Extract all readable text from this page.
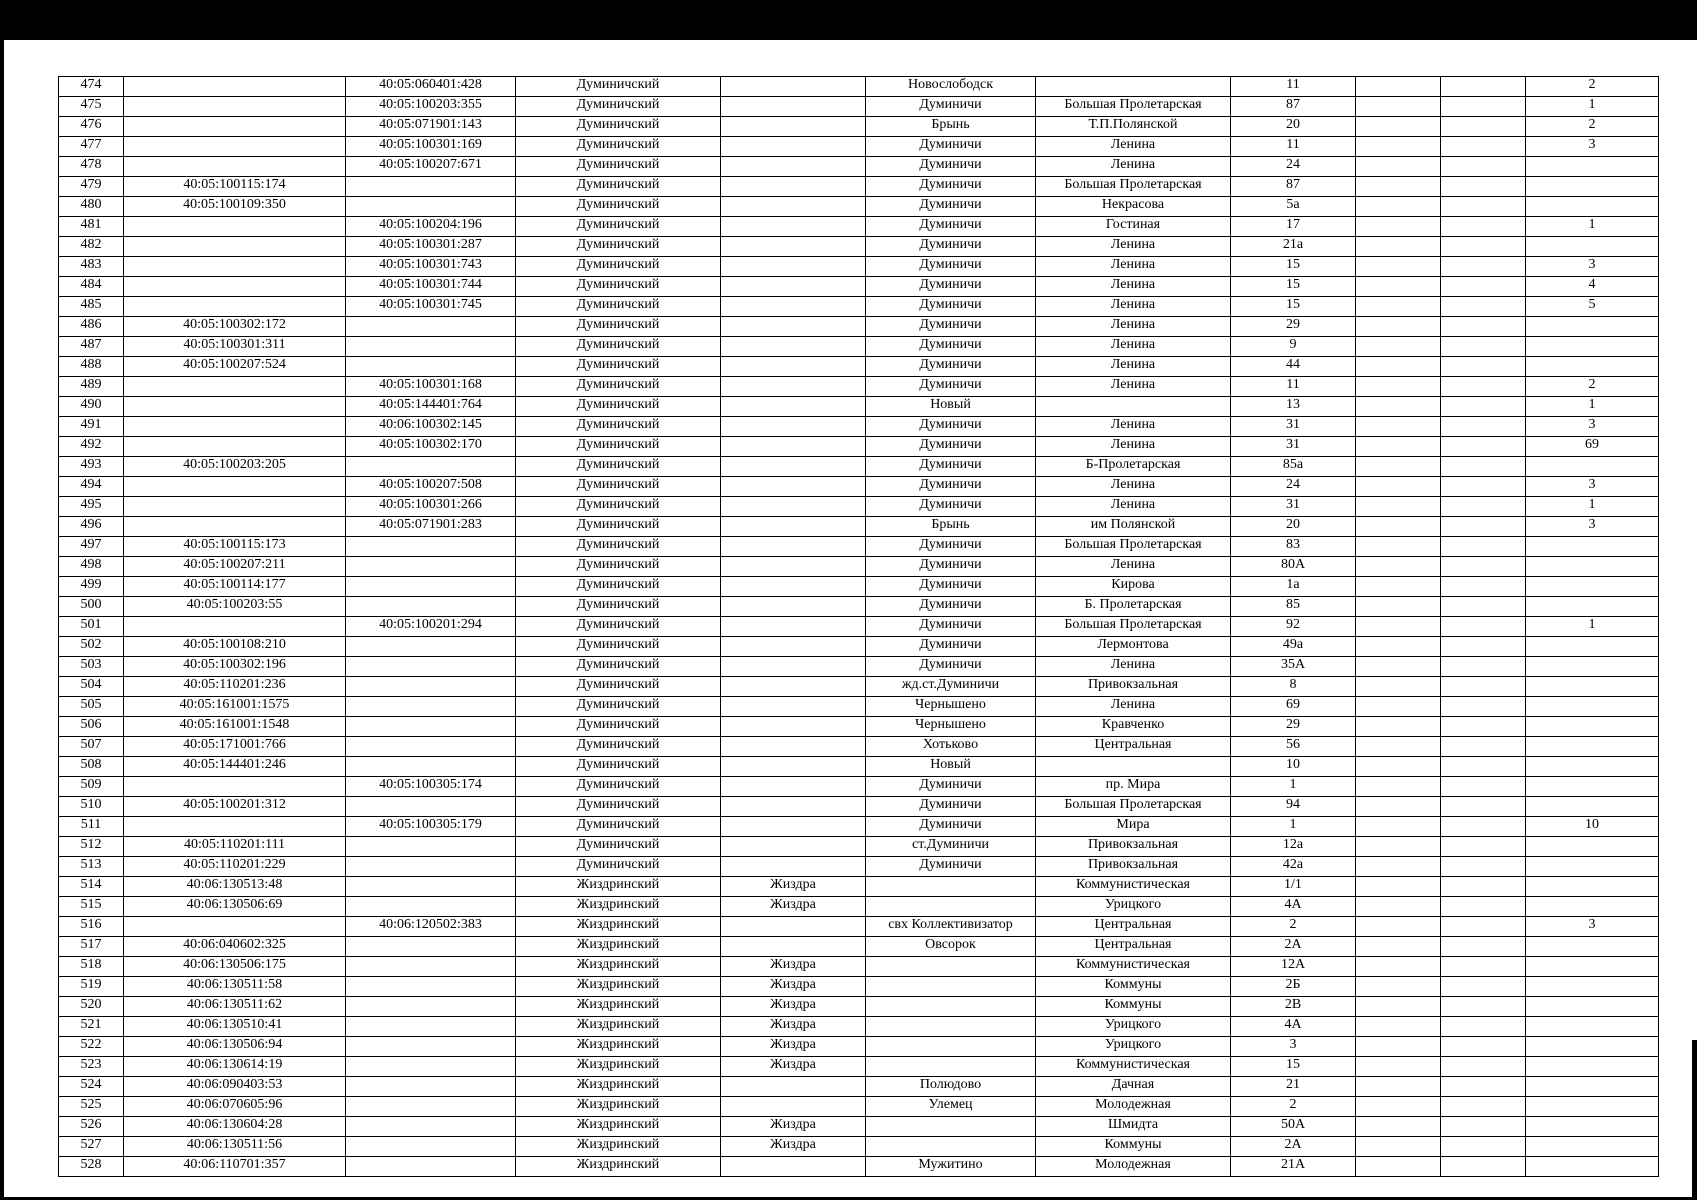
474		40:05:060401:428	Думиничский		Новослободск		11			2
475		40:05:100203:355	Думиничский		Думиничи	Большая Пролетарская	87			1
476		40:05:071901:143	Думиничский		Брынь	Т.П.Полянской	20			2
477		40:05:100301:169	Думиничский		Думиничи	Ленина	11			3
478		40:05:100207:671	Думиничский		Думиничи	Ленина	24			
479	40:05:100115:174		Думиничский		Думиничи	Большая Пролетарская	87			
480	40:05:100109:350		Думиничский		Думиничи	Некрасова	5а			
481		40:05:100204:196	Думиничский		Думиничи	Гостиная	17			1
482		40:05:100301:287	Думиничский		Думиничи	Ленина	21а			
483		40:05:100301:743	Думиничский		Думиничи	Ленина	15			3
484		40:05:100301:744	Думиничский		Думиничи	Ленина	15			4
485		40:05:100301:745	Думиничский		Думиничи	Ленина	15			5
486	40:05:100302:172		Думиничский		Думиничи	Ленина	29			
487	40:05:100301:311		Думиничский		Думиничи	Ленина	9			
488	40:05:100207:524		Думиничский		Думиничи	Ленина	44			
489		40:05:100301:168	Думиничский		Думиничи	Ленина	11			2
490		40:05:144401:764	Думиничский		Новый		13			1
491		40:06:100302:145	Думиничский		Думиничи	Ленина	31			3
492		40:05:100302:170	Думиничский		Думиничи	Ленина	31			69
493	40:05:100203:205		Думиничский		Думиничи	Б-Пролетарская	85а			
494		40:05:100207:508	Думиничский		Думиничи	Ленина	24			3
495		40:05:100301:266	Думиничский		Думиничи	Ленина	31			1
496		40:05:071901:283	Думиничский		Брынь	им Полянской	20			3
497	40:05:100115:173		Думиничский		Думиничи	Большая Пролетарская	83			
498	40:05:100207:211		Думиничский		Думиничи	Ленина	80А			
499	40:05:100114:177		Думиничский		Думиничи	Кирова	1а			
500	40:05:100203:55		Думиничский		Думиничи	Б. Пролетарская	85			
501		40:05:100201:294	Думиничский		Думиничи	Большая Пролетарская	92			1
502	40:05:100108:210		Думиничский		Думиничи	Лермонтова	49а			
503	40:05:100302:196		Думиничский		Думиничи	Ленина	35А			
504	40:05:110201:236		Думиничский		жд.ст.Думиничи	Привокзальная	8			
505	40:05:161001:1575		Думиничский		Чернышено	Ленина	69			
506	40:05:161001:1548		Думиничский		Чернышено	Кравченко	29			
507	40:05:171001:766		Думиничский		Хотьково	Центральная	56			
508	40:05:144401:246		Думиничский		Новый		10			
509		40:05:100305:174	Думиничский		Думиничи	пр. Мира	1			
510	40:05:100201:312		Думиничский		Думиничи	Большая Пролетарская	94			
511		40:05:100305:179	Думиничский		Думиничи	Мира	1			10
512	40:05:110201:111		Думиничский		ст.Думиничи	Привокзальная	12а			
513	40:05:110201:229		Думиничский		Думиничи	Привокзальная	42а			
514	40:06:130513:48		Жиздринский	Жиздра		Коммунистическая	1/1			
515	40:06:130506:69		Жиздринский	Жиздра		Урицкого	4А			
516		40:06:120502:383	Жиздринский		свх Коллективизатор	Центральная	2			3
517	40:06:040602:325		Жиздринский		Овсорок	Центральная	2А			
518	40:06:130506:175		Жиздринский	Жиздра		Коммунистическая	12А			
519	40:06:130511:58		Жиздринский	Жиздра		Коммуны	2Б			
520	40:06:130511:62		Жиздринский	Жиздра		Коммуны	2В			
521	40:06:130510:41		Жиздринский	Жиздра		Урицкого	4А			
522	40:06:130506:94		Жиздринский	Жиздра		Урицкого	3			
523	40:06:130614:19		Жиздринский	Жиздра		Коммунистическая	15			
524	40:06:090403:53		Жиздринский		Полюдово	Дачная	21			
525	40:06:070605:96		Жиздринский		Улемец	Молодежная	2			
526	40:06:130604:28		Жиздринский	Жиздра		Шмидта	50А			
527	40:06:130511:56		Жиздринский	Жиздра		Коммуны	2А			
528	40:06:110701:357		Жиздринский		Мужитино	Молодежная	21А			
